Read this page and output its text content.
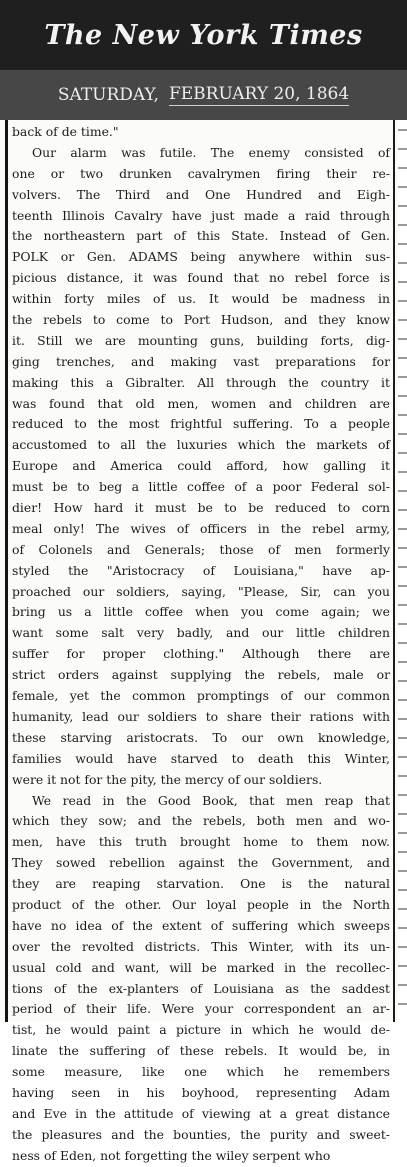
The New York Times
SATURDAY, FEBRUARY 20, 1864
back of de time."
Our alarm was futile. The enemy consisted of
one or two drunken cavalrymen firing their re-
volvers. The Third and One Hundred and Eigh-
teenth Illinois Cavalry have just made a raid through
the northeastern part of this State. Instead of Gen.
POLK or Gen. ADAMS being anywhere within sus-
picious distance, it was found that no rebel force is
within forty miles of us. It would be madness in
the rebels to come to Port Hudson, and they know
it. Still we are mounting guns, building forts, dig-
ging trenches, and making vast preparations for
making this a Gibralter. All through the country it
was found that old men, women and children are
reduced to the most frightful suffering. To a people
accustomed to all the luxuries which the markets of
Europe and America could afford, how galling it
must be to beg a little coffee of a poor Federal sol-
dier! How hard it must be to be reduced to corn
meal only! The wives of officers in the rebel army,
of Colonels and Generals; those of men formerly
styled the "Aristocracy of Louisiana," have ap-
proached our soldiers, saying, "Please, Sir, can you
bring us a little coffee when you come again; we
want some salt very badly, and our little children
suffer for proper clothing." Although there are
strict orders against supplying the rebels, male or
female, yet the common promptings of our common
humanity, lead our soldiers to share their rations with
these starving aristocrats. To our own knowledge,
families would have starved to death this Winter,
were it not for the pity, the mercy of our soldiers.
We read in the Good Book, that men reap that
which they sow; and the rebels, both men and wo-
men, have this truth brought home to them now.
They sowed rebellion against the Government, and
they are reaping starvation. One is the natural
product of the other. Our loyal people in the North
have no idea of the extent of suffering which sweeps
over the revolted districts. This Winter, with its un-
usual cold and want, will be marked in the recollec-
tions of the ex-planters of Louisiana as the saddest
period of their life. Were your correspondent an ar-
tist, he would paint a picture in which he would de-
linate the suffering of these rebels. It would be, in
some measure, like one which he remembers
having seen in his boyhood, representing Adam
and Eve in the attitude of viewing at a great distance
the pleasures and the bounties, the purity and sweet-
ness of Eden, not forgetting the wiley serpent who
